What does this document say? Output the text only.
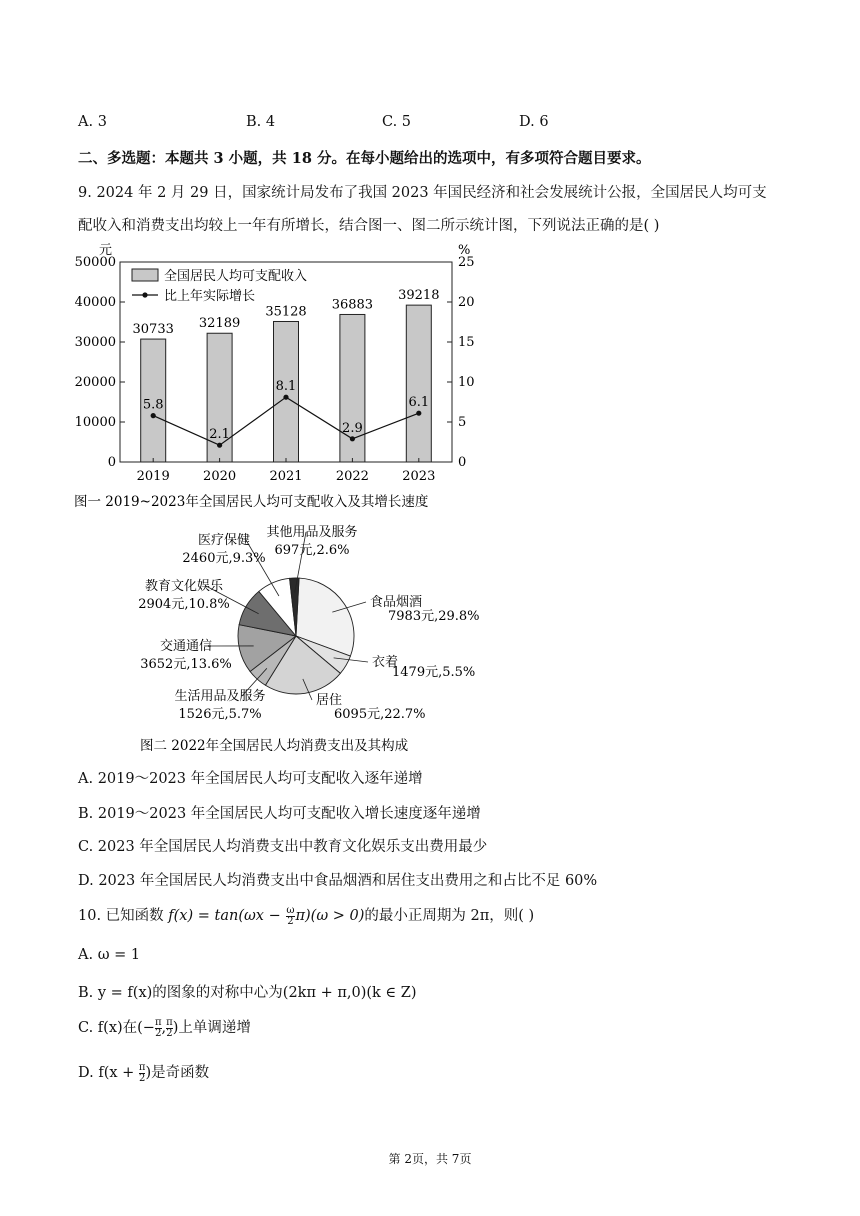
A. 3	B. 4	C. 5	D. 6
二、多选题：本题共 3 小题，共 18 分。在每小题给出的选项中，有多项符合题目要求。
9. 2024 年 2 月 29 日，国家统计局发布了我国 2023 年国民经济和社会发展统计公报，全国居民人均可支
配收入和消费支出均较上一年有所增长，结合图一、图二所示统计图，下列说法正确的是( )
元	%
0
10000
20000
30000
40000
50000
0
5
10
15
20
25
30733
2019
32189
2020
35128
2021
36883
2022
39218
2023
5.8
2.1
8.1
2.9
6.1
全国居民人均可支配收入
比上年实际增长
图一 2019~2023年全国居民人均可支配收入及其增长速度
食品烟酒
7983元,29.8%
衣着
1479元,5.5%
居住
6095元,22.7%
生活用品及服务
1526元,5.7%
交通通信
3652元,13.6%
教育文化娱乐
2904元,10.8%
医疗保健
2460元,9.3%
其他用品及服务
697元,2.6%
图二 2022年全国居民人均消费支出及其构成
A. 2019～2023 年全国居民人均可支配收入逐年递增
B. 2019～2023 年全国居民人均可支配收入增长速度逐年递增
C. 2023 年全国居民人均消费支出中教育文化娱乐支出费用最少
D. 2023 年全国居民人均消费支出中食品烟酒和居住支出费用之和占比不足 60%
10. 已知函数 $f(x) = \tan(\omega x - \frac{\omega}{2} \pi)(\omega > 0)$的最小正周期为 2π，则( )
A. ω = 1
B. y = f(x)的图象的对称中心为(2kπ + π,0)(k ∈ Z)
C. f(x)在(− $\frac{\pi}{2}$ , $\frac{\pi}{2}$ )上单调递增
D. $f(x + \frac{\pi}{2}$ )是奇函数
第 2页，共 7页
